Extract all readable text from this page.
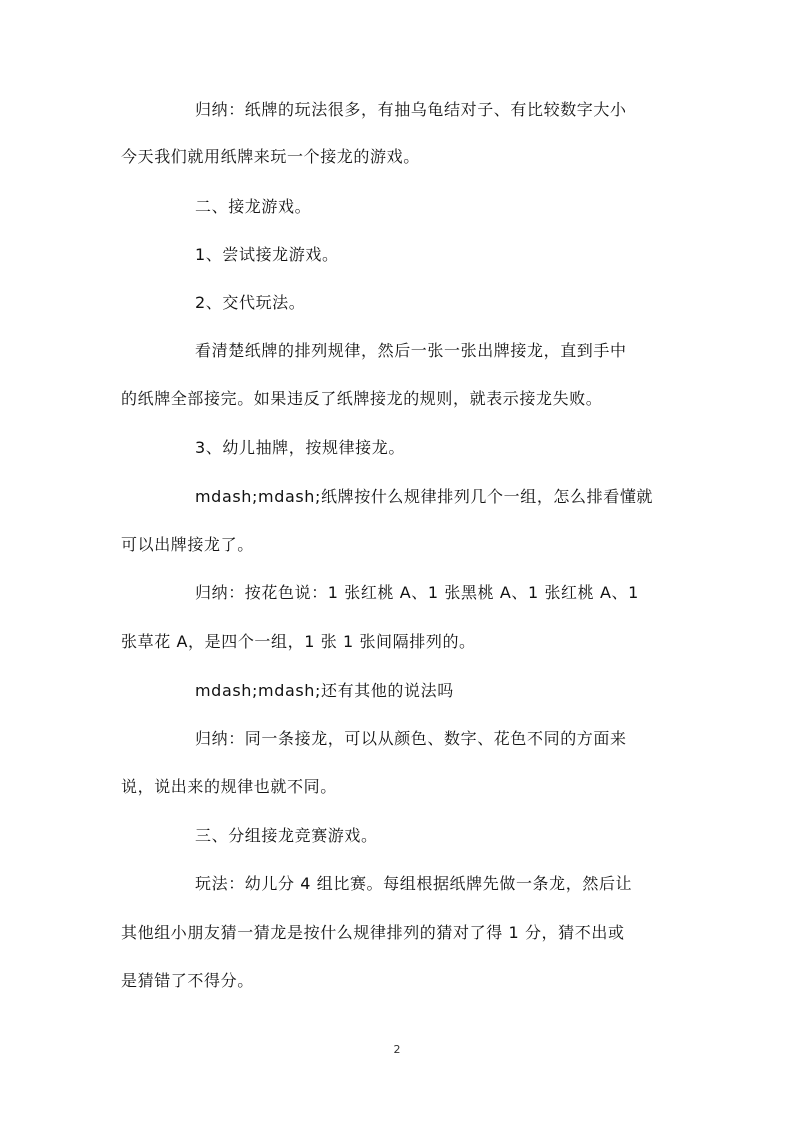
归纳：纸牌的玩法很多，有抽乌龟结对子、有比较数字大小
今天我们就用纸牌来玩一个接龙的游戏。
二、接龙游戏。
1、尝试接龙游戏。
2、交代玩法。
看清楚纸牌的排列规律，然后一张一张出牌接龙，直到手中
的纸牌全部接完。如果违反了纸牌接龙的规则，就表示接龙失败。
3、幼儿抽牌，按规律接龙。
mdash;mdash;纸牌按什么规律排列几个一组，怎么排看懂就
可以出牌接龙了。
归纳：按花色说：1 张红桃 A、1 张黑桃 A、1 张红桃 A、1
张草花 A，是四个一组，1 张 1 张间隔排列的。
mdash;mdash;还有其他的说法吗
归纳：同一条接龙，可以从颜色、数字、花色不同的方面来
说，说出来的规律也就不同。
三、分组接龙竞赛游戏。
玩法：幼儿分 4 组比赛。每组根据纸牌先做一条龙，然后让
其他组小朋友猜一猜龙是按什么规律排列的猜对了得 1 分，猜不出或
是猜错了不得分。
2
